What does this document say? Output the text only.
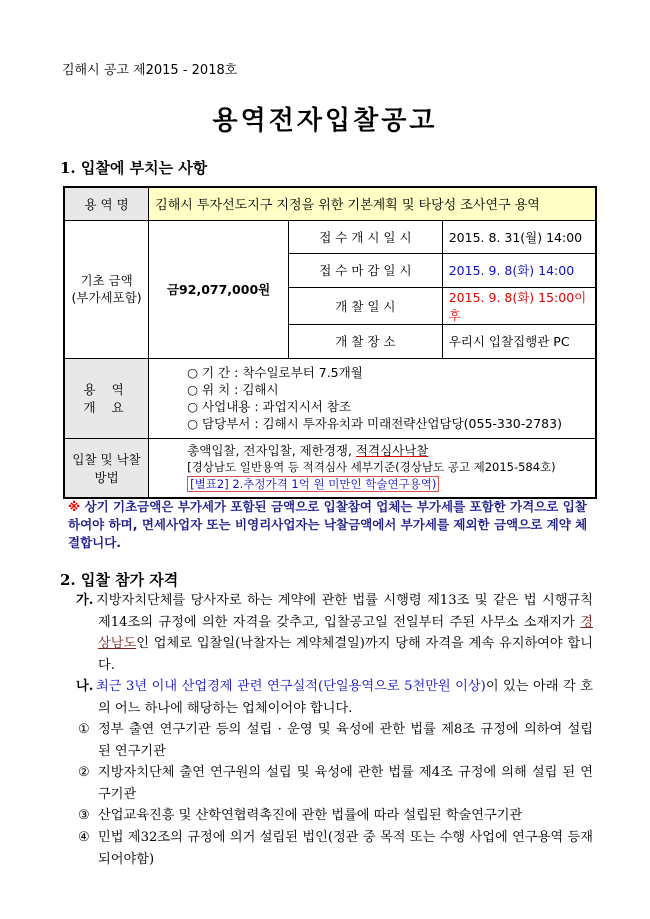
김해시 공고 제2015 - 2018호
용역전자입찰공고
1. 입찰에 부치는 사항
용 역 명	김해시 투자선도지구 지정을 위한 기본계획 및 타당성 조사연구 용역		

기초 금액
(부가세포함)	금92,077,000원	접 수 개 시 일 시	2015. 8. 31(월) 14:00
		접 수 마 감 일 시	2015. 9. 8(화) 14:00
		개 찰 일 시	2015. 9. 8(화) 15:00이후
		개 찰 장 소	우리시 입찰집행관 PC
용 역 개 요	○ 기 간 : 착수일로부터 7.5개월
○ 위 치 : 김해시
○ 사업내용 : 과업지시서 참조
○ 담당부서 : 김해시 투자유치과 미래전략산업담당(055-330-2783)		

입찰 및 낙찰방법	총액입찰, 전자입찰, 제한경쟁, 적격심사낙찰
[경상남도 일반용역 등 적격심사 세부기준(경상남도 공고 제2015-584호)
[별표2] 2.추정가격 1억 원 미만인 학술연구용역)		
※ 상기 기초금액은 부가세가 포함된 금액으로 입찰참여 업체는 부가세를 포함한 가격으로 입찰하여야 하며, 면세사업자 또는 비영리사업자는 낙찰금액에서 부가세를 제외한 금액으로 계약 체결합니다.
2. 입찰 참가 자격
가. 지방자치단체를 당사자로 하는 계약에 관한 법률 시행령 제13조 및 같은 법 시행규칙 제14조의 규정에 의한 자격을 갖추고, 입찰공고일 전일부터 주된 사무소 소재지가 경상남도인 업체로 입찰일(낙찰자는 계약체결일)까지 당해 자격을 계속 유지하여야 합니다.
나. 최근 3년 이내 산업경제 관련 연구실적(단일용역으로 5천만원 이상)이 있는 아래 각 호의 어느 하나에 해당하는 업체이어야 합니다.
① 정부 출연 연구기관 등의 설립 · 운영 및 육성에 관한 법률 제8조 규정에 의하여 설립 된 연구기관
② 지방자치단체 출연 연구원의 설립 및 육성에 관한 법률 제4조 규정에 의해 설립 된 연구기관
③ 산업교육진흥 및 산학연협력촉진에 관한 법률에 따라 설립된 학술연구기관
④ 민법 제32조의 규정에 의거 설립된 법인(정관 중 목적 또는 수행 사업에 연구용역 등재되어야함)
